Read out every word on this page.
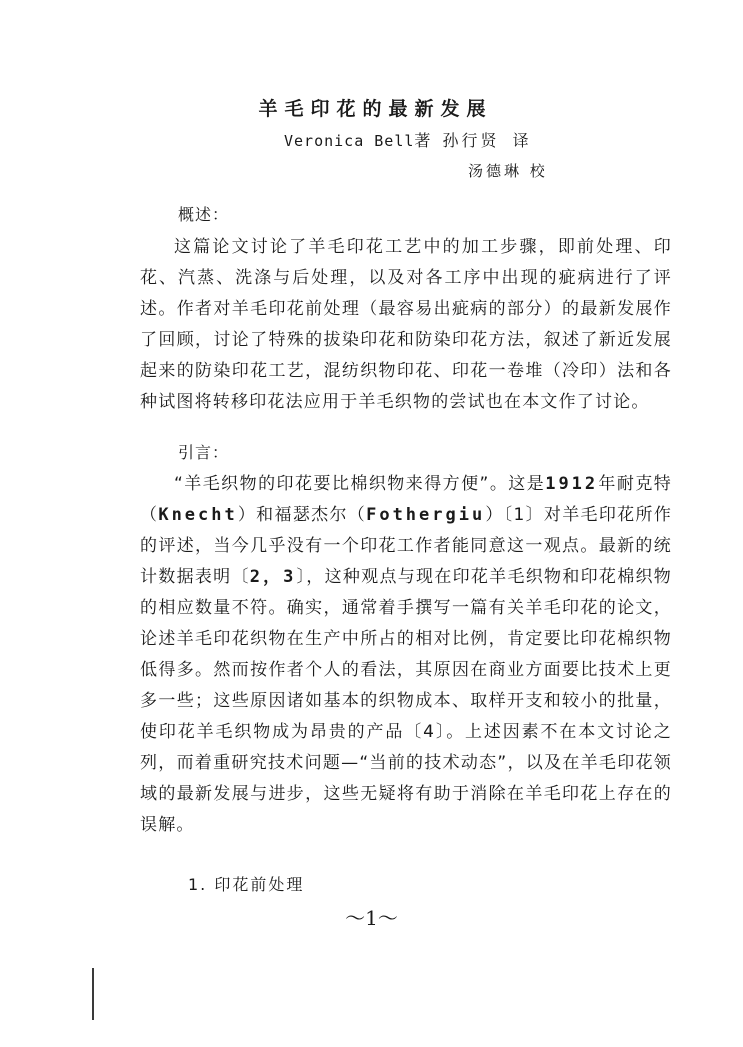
羊毛印花的最新发展
Veronica Bell著 孙行贤 译
汤德琳 校
概述：
这篇论文讨论了羊毛印花工艺中的加工步骤，即前处理、印花、汽蒸、洗涤与后处理，以及对各工序中出现的疵病进行了评述。作者对羊毛印花前处理（最容易出疵病的部分）的最新发展作了回顾，讨论了特殊的拔染印花和防染印花方法，叙述了新近发展起来的防染印花工艺，混纺织物印花、印花一卷堆（冷印）法和各种试图将转移印花法应用于羊毛织物的尝试也在本文作了讨论。
引言：
“羊毛织物的印花要比棉织物来得方便”。这是1912年耐克特（Knecht）和福瑟杰尔（Fothergiu）〔1〕对羊毛印花所作的评述，当今几乎没有一个印花工作者能同意这一观点。最新的统计数据表明〔2，3〕，这种观点与现在印花羊毛织物和印花棉织物的相应数量不符。确实，通常着手撰写一篇有关羊毛印花的论文，论述羊毛印花织物在生产中所占的相对比例，肯定要比印花棉织物低得多。然而按作者个人的看法，其原因在商业方面要比技术上更多一些；这些原因诸如基本的织物成本、取样开支和较小的批量，使印花羊毛织物成为昂贵的产品〔4〕。上述因素不在本文讨论之列，而着重研究技术问题—“当前的技术动态”，以及在羊毛印花领域的最新发展与进步，这些无疑将有助于消除在羊毛印花上存在的误解。
1. 印花前处理
～1～
